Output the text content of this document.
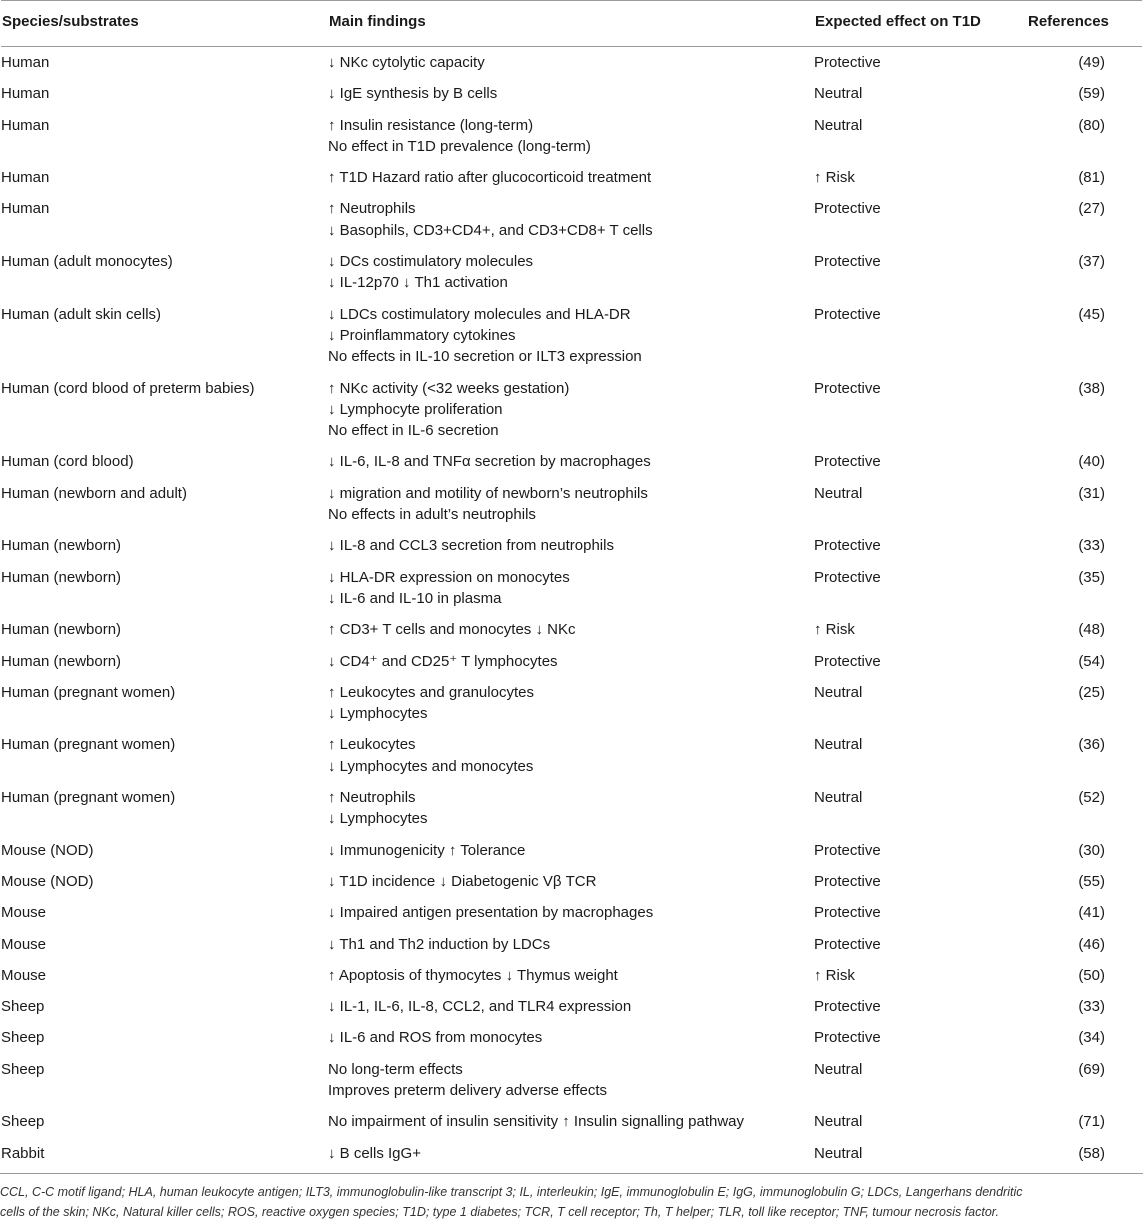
Species/substrates	Main findings	Expected effect on T1D	References
Human	↓ NKc cytolytic capacity	Protective	(49)
Human	↓ IgE synthesis by B cells	Neutral	(59)
Human	↑ Insulin resistance (long-term)
No effect in T1D prevalence (long-term)	Neutral	(80)
Human	↑ T1D Hazard ratio after glucocorticoid treatment	↑ Risk	(81)
Human	↑ Neutrophils
↓ Basophils, CD3+CD4+, and CD3+CD8+ T cells	Protective	(27)
Human (adult monocytes)	↓ DCs costimulatory molecules
↓ IL-12p70 ↓ Th1 activation	Protective	(37)
Human (adult skin cells)	↓ LDCs costimulatory molecules and HLA-DR
↓ Proinflammatory cytokines
No effects in IL-10 secretion or ILT3 expression	Protective	(45)
Human (cord blood of preterm babies)	↑ NKc activity (<32 weeks gestation)
↓ Lymphocyte proliferation
No effect in IL-6 secretion	Protective	(38)
Human (cord blood)	↓ IL-6, IL-8 and TNFα secretion by macrophages	Protective	(40)
Human (newborn and adult)	↓ migration and motility of newborn’s neutrophils
No effects in adult’s neutrophils	Neutral	(31)
Human (newborn)	↓ IL-8 and CCL3 secretion from neutrophils	Protective	(33)
Human (newborn)	↓ HLA-DR expression on monocytes
↓ IL-6 and IL-10 in plasma	Protective	(35)
Human (newborn)	↑ CD3+ T cells and monocytes ↓ NKc	↑ Risk	(48)
Human (newborn)	↓ CD4⁺ and CD25⁺ T lymphocytes	Protective	(54)
Human (pregnant women)	↑ Leukocytes and granulocytes
↓ Lymphocytes	Neutral	(25)
Human (pregnant women)	↑ Leukocytes
↓ Lymphocytes and monocytes	Neutral	(36)
Human (pregnant women)	↑ Neutrophils
↓ Lymphocytes	Neutral	(52)
Mouse (NOD)	↓ Immunogenicity ↑ Tolerance	Protective	(30)
Mouse (NOD)	↓ T1D incidence ↓ Diabetogenic Vβ TCR	Protective	(55)
Mouse	↓ Impaired antigen presentation by macrophages	Protective	(41)
Mouse	↓ Th1 and Th2 induction by LDCs	Protective	(46)
Mouse	↑ Apoptosis of thymocytes ↓ Thymus weight	↑ Risk	(50)
Sheep	↓ IL-1, IL-6, IL-8, CCL2, and TLR4 expression	Protective	(33)
Sheep	↓ IL-6 and ROS from monocytes	Protective	(34)
Sheep	No long-term effects
Improves preterm delivery adverse effects	Neutral	(69)
Sheep	No impairment of insulin sensitivity ↑ Insulin signalling pathway	Neutral	(71)
Rabbit	↓ B cells IgG+	Neutral	(58)
CCL, C-C motif ligand; HLA, human leukocyte antigen; ILT3, immunoglobulin-like transcript 3; IL, interleukin; IgE, immunoglobulin E; IgG, immunoglobulin G; LDCs, Langerhans dendritic
cells of the skin; NKc, Natural killer cells; ROS, reactive oxygen species; T1D; type 1 diabetes; TCR, T cell receptor; Th, T helper; TLR, toll like receptor; TNF, tumour necrosis factor.
